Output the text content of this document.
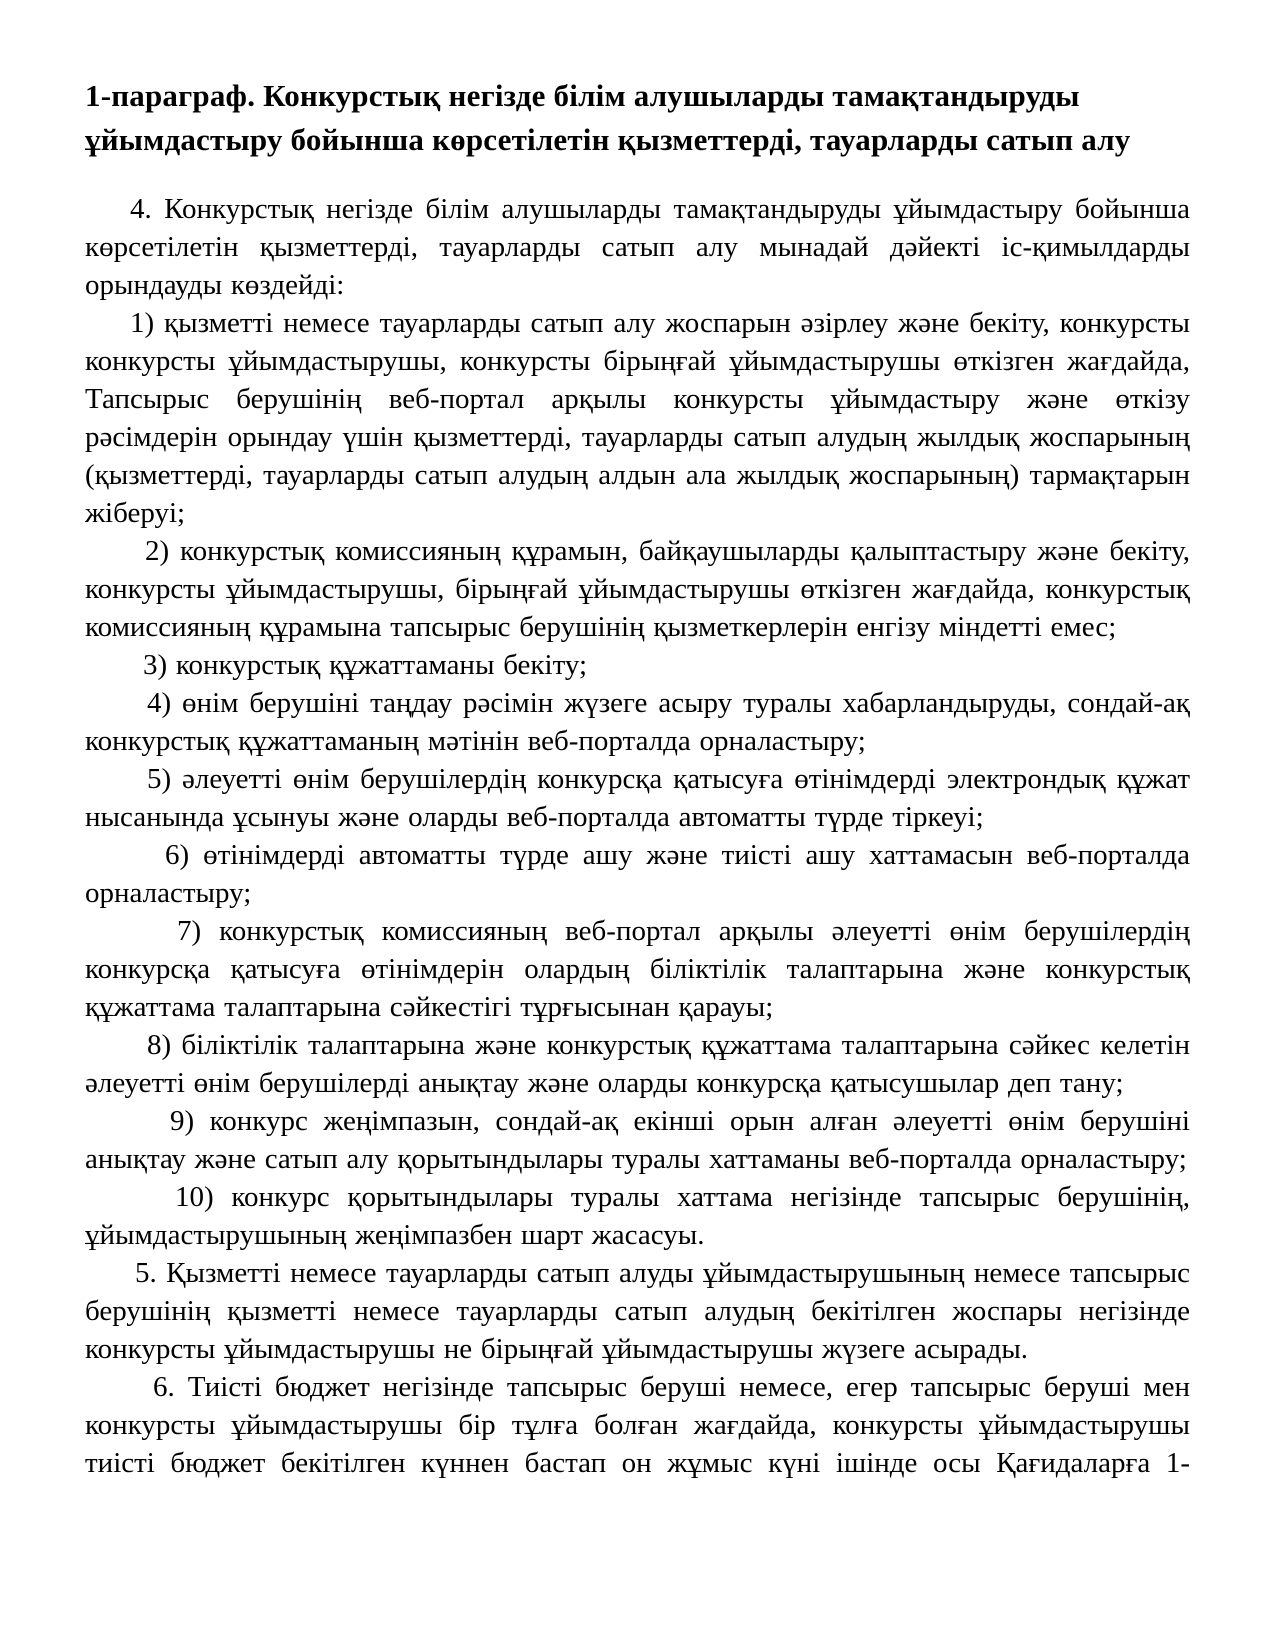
1-параграф. Конкурстық негізде білім алушыларды тамақтандыруды
ұйымдастыру бойынша көрсетілетін қызметтерді, тауарларды сатып алу

4. Конкурстық негізде білім алушыларды тамақтандыруды ұйымдастыру бойынша көрсетілетін қызметтерді, тауарларды сатып алу мынадай дәйекті іс-қимылдарды орындауды көздейді:

1) қызметті немесе тауарларды сатып алу жоспарын әзірлеу және бекіту, конкурсты конкурсты ұйымдастырушы, конкурсты бірыңғай ұйымдастырушы өткізген жағдайда, Тапсырыс берушінің веб-портал арқылы конкурсты ұйымдастыру және өткізу рәсімдерін орындау үшін қызметтерді, тауарларды сатып алудың жылдық жоспарының (қызметтерді, тауарларды сатып алудың алдын ала жылдық жоспарының) тармақтарын жіберуі;

2) конкурстық комиссияның құрамын, байқаушыларды қалыптастыру және бекіту, конкурсты ұйымдастырушы, бірыңғай ұйымдастырушы өткізген жағдайда, конкурстық комиссияның құрамына тапсырыс берушінің қызметкерлерін енгізу міндетті емес;

3) конкурстық құжаттаманы бекіту;

4) өнім берушіні таңдау рәсімін жүзеге асыру туралы хабарландыруды, сондай-ақ конкурстық құжаттаманың мәтінін веб-порталда орналастыру;

5) әлеуетті өнім берушілердің конкурсқа қатысуға өтінімдерді электрондық құжат нысанында ұсынуы және оларды веб-порталда автоматты түрде тіркеуі;

6) өтінімдерді автоматты түрде ашу және тиісті ашу хаттамасын веб-порталда орналастыру;

7) конкурстық комиссияның веб-портал арқылы әлеуетті өнім берушілердің конкурсқа қатысуға өтінімдерін олардың біліктілік талаптарына және конкурстық құжаттама талаптарына сәйкестігі тұрғысынан қарауы;

8) біліктілік талаптарына және конкурстық құжаттама талаптарына сәйкес келетін әлеуетті өнім берушілерді анықтау және оларды конкурсқа қатысушылар деп тану;

9) конкурс жеңімпазын, сондай-ақ екінші орын алған әлеуетті өнім берушіні анықтау және сатып алу қорытындылары туралы хаттаманы веб-порталда орналастыру;

10) конкурс қорытындылары туралы хаттама негізінде тапсырыс берушінің, ұйымдастырушының жеңімпазбен шарт жасасуы.

5. Қызметті немесе тауарларды сатып алуды ұйымдастырушының немесе тапсырыс берушінің қызметті немесе тауарларды сатып алудың бекітілген жоспары негізінде конкурсты ұйымдастырушы не бірыңғай ұйымдастырушы жүзеге асырады.

6. Тиісті бюджет негізінде тапсырыс беруші немесе, егер тапсырыс беруші мен конкурсты ұйымдастырушы бір тұлға болған жағдайда, конкурсты ұйымдастырушы тиісті бюджет бекітілген күннен бастап он жұмыс күні ішінде осы Қағидаларға 1-
